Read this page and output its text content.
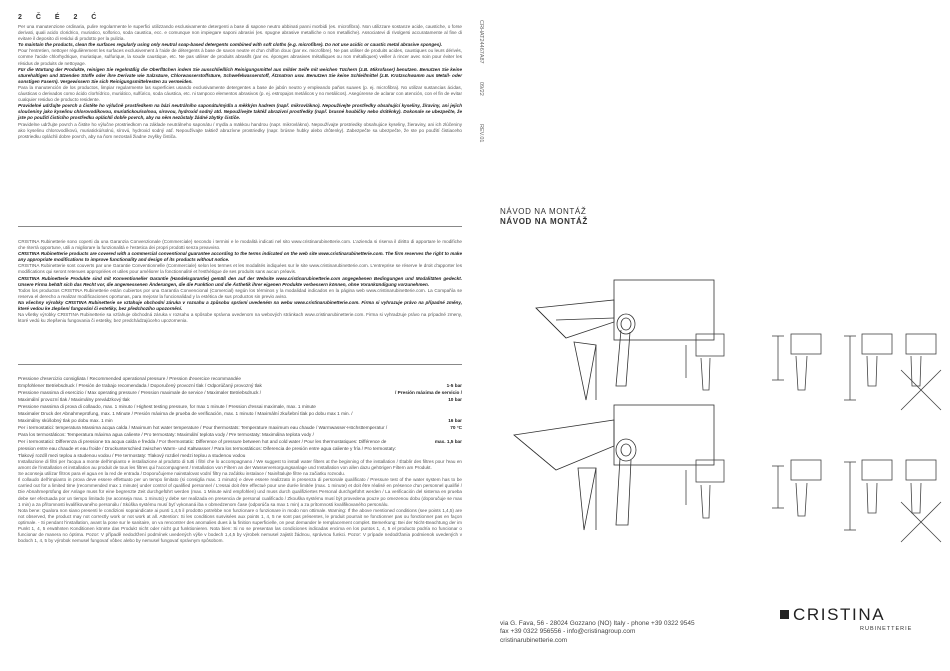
2 Č É 2 Ć

Per una manutenzione ordinaria, pulire regolarmente le superfici utilizzando esclusivamente detergenti a base di sapone neutro abbinati panni morbidi (es. microfibra). Non utilizzare sostanze acide, caustiche, o forse derivati, quali acido cloridrico, muriatico, solforico, soda caustica, ecc. e comunque non impiegare saponi abrasivi (es. spugne abrasive metalliche o non metalliche). Associatevi di rivolgersi accuratamente al fine di evitare il deposito di residui di prodotto per la pulizia.

To maintain the products, clean the surfaces regularly using only neutral soap-based detergents combined with soft cloths (e.g. microfibre). Do not use acidic or caustic metal abrasive sponges).

Pour l'entretien, nettoyer régulièrement les surfaces exclusivement à l'aide de détergents à base de savon neutre et d'un chiffon doux (par ex. microfibre). Ne pas utiliser de produits acides, caustiques ou leurs dérivés, comme l'acide chlorhydrique, muriatique, sulfurique, la soude caustique, etc. Ne pas utiliser de produits abrasifs (par ex. éponges abrasives métalliques ou non métalliques) veiller à rincer avec soin pour éviter les résidus de produits de nettoyage.

Für die Wartung der Produkte, reinigen Sie regelmäßig die Oberflächen indem Sie ausschließlich Reinigungsmittel aus milder Seife mit weichen Tüchern (z.B. Mikrofaser) benutzen. Benutzen Sie keine säurehaltigen und ätzenden Stoffe oder ihre Derivate wie Salzsäure, Chlorwasserstoffsäure, Schwefelwasserstoff, Ätznatron usw. Benutzen Sie keine Schleifmittel (z.B. Kratzschwamm aus Metall- oder sonstigen Fasern). Vergewissern Sie sich Reinigungsmittelresten zu vermeiden.

Para la manutención de los productos, limpiar regularmente las superficies usando exclusivamente detergentes a base de jabón neutro y empleando paños suaves (p. ej. microfibra). No utilizar sustancias ácidas, cáusticas o derivados como ácido clorhídrico, muriático, sulfúrico, soda cáustica, etc. ni tampoco elementos abrasivos (p. ej. estropajos metálicos y no metálicos). Asegúrense de aclarar con atención, con el fin de evitar cualquier residuo de producto residente.

Pravidelné udržujte povrch a čistěte ho výlučně prostředkem na bázi neutrálního saponátu/mýdla a měkkým hadrem (např. mikrovlákno). Nepoužívejte prostředky obsahující kyseliny, žíraviny, ani jejich sloučeniny jako kyselinu chlorovodíkovou, muriatickou/solnou, sírovou, hydroxid sodný atd. Nepoužívejte taktéž abrazivní prostředky (např. brusné houbičky nebo drátěnky). Dokonale se ubezpečte, že jste po použití čisticího prostředku opláchli dobře povrch, aby na něm nezůstaly žádné zbytky čističe.

Pravidelne udržujte povrch a čistite ho výlučne prostriedkom na základe neutrálneho saponátu / mydla a mäkkou handrou (napr. mikrovlákno). Nepoužívajte prostriedky obsahujúce kyseliny, žieraviny, ani ich zlúčeniny ako kyselinu chlorovodíkovú, muriatickú/solnú, sírovú, hydroxid sodný atď. Nepoužívajte taktiež abrazívne prostriedky (napr. brúsne hubky alebo drôtenky). Zabezpečte sa ubezpečte, že ste po použití čistiaceho prostriedku opláchli dobre povrch, aby na ňom nezostali žiadne zvyšky čističa.

CRISTINA Rubinetterie sono coperti da una Garanzia Convenzionale (Commerciale) secondo i termini e le modalità indicati nel sito www.cristinarubinetterie.com. L'azienda si riserva il diritto di apportare le modifiche che riterrà opportune, utili a migliorare la funzionalità e l'estetica dei propri prodotti senza preavviso.

CRISTINA Rubinetterie products are covered with a commercial conventional guarantee according to the terms indicated on the web site www.cristinarubinetterie.com. The firm reserves the right to make any appropriate modifications to improve functionality and design of its products without notice.

CRISTINA Rubinetterie sont couverts par une Garantie Conventionnelle (Commerciale) selon les termes et les modalités indiquées sur le site www.cristinarubinetterie.com. L'entreprise se réserve le droit d'apporter les modifications qui seront retenues appropriées et utiles pour améliorer la fonctionnalité et l'esthétique de ses produits sans aucun préavis.

CRISTINA Rubinetterie Produkte sind mit Konventioneller Garantie (Handelsgarantie) gemäß den auf der Website www.cristinarubinetterie.com angegebenen Bedingungen und Modalitäten gedeckt. Unsere Firma behält sich das Recht vor, die angemessenen Änderungen, die die Funktion und die Ästhetik ihrer eigenen Produkte verbessern können, ohne Vorankündigung vorzunehmen.

Todos los productos CRISTINA Rubinetterie están cubiertos por una Garantía Convencional (Comercial) según los términos y la modalidad indicados en la página web www.cristinarubinetterie.com. La Compañía se reserva el derecho a realizar modificaciones oportunas, para mejorar la funcionalidad y la estética de sus productos sin previo aviso.

Na všechny výrobky CRISTINA Rubinetterie se vztahuje obchodní záruka v rozsahu a způsobu správní uvedeném na webu www.cristinarubinetterie.com. Firma si vyhrazuje právo na případné změny, které vedou ke zlepšení fungování či estetiky, bez předchozího upozornění.

Na všetky výrobky CRISTINA Rubinetterie sa vzťahuje obchodná záruka v rozsahu a spôsobe správna uvedenom na webových stránkach www.cristinarubinetterie.com. Firma si vyhradzuje právo na prípadné zmeny, ktoré vedú ku zlepšeniu fungovania či estetiky, bez predchádzajúceho upozornenia.

Pressione d'esercizio consigliata / Recommended operational pressure / Pression d'exercice recommandée
Empfohlener Betriebsdruck / Presión de trabajo recomendada / Doporučený provozní tlak / Odporúčaný provozný tlak	1-5 bar
Pressione massima di esercizio / Max operating pressure / Pression maximale de service / Maximaler Betriebsdruck /	/ Presión máxima de servicio /
Maximální provozní tlak / Maximálny prevádzkový tlak	10 bar
Pressione massima di prova di collaudo, max. 1 minuto / Highest testing pressure, for max 1 minute / Pression d'essai maximale, max. 1 minute
Maximaler Druck der Abnahmeprüfung, max. 1 Minute / Presión máxima de prueba de verificación, max. 1 minuto / Maximální zkušební tlak po dobu max 1 min. /
Maximálny skúšobný tlak po dobu max. 1 min	16 bar
Per i termostatici: temperatura Massima acqua calda / Maximum hot water temperature / Pour thermostats: Temperature maximum eau chaude / Warmwasser-Höchsttemperatur / Para los termostáticos: Temperatura máxima agua caliente / Pro termostaty: Maximální teplota vody / Pre termostaty: Maximálna teplota vody /
70 °C
Per i termostatici: Differenza di pressione tra acqua calda e fredda / For thermostatic: Difference of pressure between hot and cold water / Pour les thermostatiques: Différence de pression entre eau chaude et eau froide / Druckunterschied zwischen Warm- und Kaltwasser / Para los termostáticos: Diferencia de presión entre agua caliente y fría / Pro termostaty: Tlakový rozdíl mezi teplou a studenou vodou / Pre termostaty: Tlakový rozdiel medzi teplou a studenou vodou
max. 1,5 bar

Installazione di filtri per l'acqua a monte dell'impianto e installazione al prodotto di tutti i filtri che lo accompagnano / We suggest to install water filters at the beginning of the installation / Établir des filtres pour l'eau en amont de l'installation et installation au produit de tous les filtres qui l'accompagnent / Installation von Filtern an der Wasserversorgungsanlage und Installation von allen dazu gehörigen Filtern am Produkt.

Se aconseja utilizar filtros para el agua en la red de entrada / Doporučujeme nainstalovat vodní filtry na začátku instalace / Nainštalujte filtre na začiatku rozvodu.

Il collaudo dell'impianto in prova deve essere effettuato per un tempo limitato (si consiglia max. 1 minuto) e deve essere realizzato in presenza di personale qualificato / Pressure test of the water system has to be carried out for a limited time (recommended max 1 minute) under control of qualified personnel / L'essai doit être effectué pour une durée limitée (max. 1 minute) et doit être réalisé en présence d'un personnel qualifié / Die Abnahmeprüfung der Anlage muss für eine begrenzte Zeit durchgeführt werden (max. 1 Minute wird empfohlen) und muss durch qualifiziertes Personal durchgeführt werden / La verificación del sistema en prueba debe ser efectuada por un tiempo limitado (se aconseja max. 1 minuto) y debe ser realizada en presencia de personal cualificado / Zkouška systému musí být provedena pouze po omezenou dobu (doporučuje se max 1 min) a za přítomnosti kvalifikovaného personálu / Skúška systému musí byť vykonaná iba v obmedzenom čase (odporúča sa max 1 min) a za prítomnosti kvalifikovaného personálu.

Nota bene: Qualora non siano presenti le condizioni sopraindicate ai punti 1,4,5 il prodotto potrebbe non funzionare o funzionare in modo non ottimale. Warning: If the above mentioned conditions (see points 1,4,5) are not observed, the product may not correctly work or not work at all. Attention: Si les conditions susvisées aux points 1, 4, 5 ne sont pas présentes, le produit pourrait ne fonctionner pas ou fonctionner pas en façon optimale. - Si pendant l'installation, avant la pose sur le sanitaire, on va rencontrer des anomalies dues à la finition superficielle, on peut demander le remplacement complet. Bemerkung: Bei der Nicht-Beachtung der im Punkt 1, 4, 5 erwähnten Konditionen könnte das Produkt nicht oder nicht gut funktionieren. Nota bien: Si no se presentan las condiciones indicadas encima en los puntos 1, 4, 5 el producto podría no funcionar o funcionar de manera no óptima. Pozor: V případě nedodržení podmínek uvedených výše v bodech 1,4,5 by výrobek nemusel zajistit žádnou, správnou funkci. Pozor: V prípade nedodržania podmienok uvedených v bodoch 1, 4, 5 by výrobok nemusel fungovať vôbec alebo by nemusel fungovať správnym spôsobom.

CRHAT24467A87
09/22
REV.01
NÁVOD NA MONTÁŽ
NÁVOD NA MONTÁŽ
CRISTINA
RUBINETTERIE
via G. Fava, 56 - 28024 Gozzano (NO) Italy - phone +39 0322 9545
fax +39 0322 956556 - info@cristinagroup.com
cristinarubinetterie.com
